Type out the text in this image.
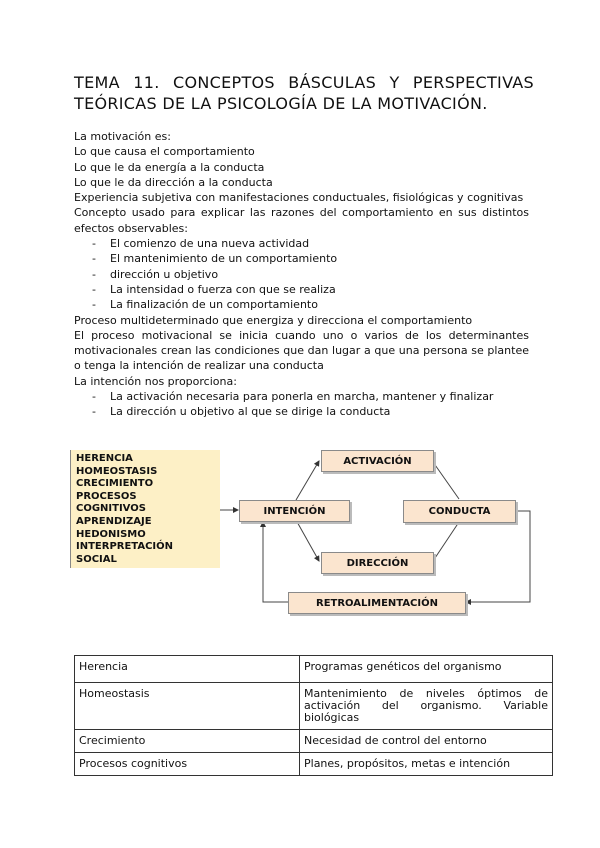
TEMA 11. CONCEPTOS BÁSCULAS Y PERSPECTIVAS
TEÓRICAS DE LA PSICOLOGÍA DE LA MOTIVACIÓN.

La motivación es:

Lo que causa el comportamiento

Lo que le da energía a la conducta

Lo que le da dirección a la conducta

Experiencia subjetiva con manifestaciones conductuales, fisiológicas y cognitivas

Concepto usado para explicar las razones del comportamiento en sus distintos efectos observables:

- El comienzo de una nueva actividad

- El mantenimiento de un comportamiento

- dirección u objetivo

- La intensidad o fuerza con que se realiza

- La finalización de un comportamiento

Proceso multideterminado que energiza y direcciona el comportamiento

El proceso motivacional se inicia cuando uno o varios de los determinantes motivacionales crean las condiciones que dan lugar a que una persona se plantee o tenga la intención de realizar una conducta

La intención nos proporciona:

- La activación necesaria para ponerla en marcha, mantener y finalizar

- La dirección u objetivo al que se dirige la conducta

HERENCIA
HOMEOSTASIS
CRECIMIENTO
PROCESOS
COGNITIVOS
APRENDIZAJE
HEDONISMO
INTERPRETACIÓN
SOCIAL
INTENCIÓN
ACTIVACIÓN
CONDUCTA
DIRECCIÓN
RETROALIMENTACIÓN
Herencia	Programas genéticos del organismo
Homeostasis	Mantenimiento de niveles óptimos de activación del organismo. Variable biológicas
Crecimiento	Necesidad de control del entorno
Procesos cognitivos	Planes, propósitos, metas e intención
